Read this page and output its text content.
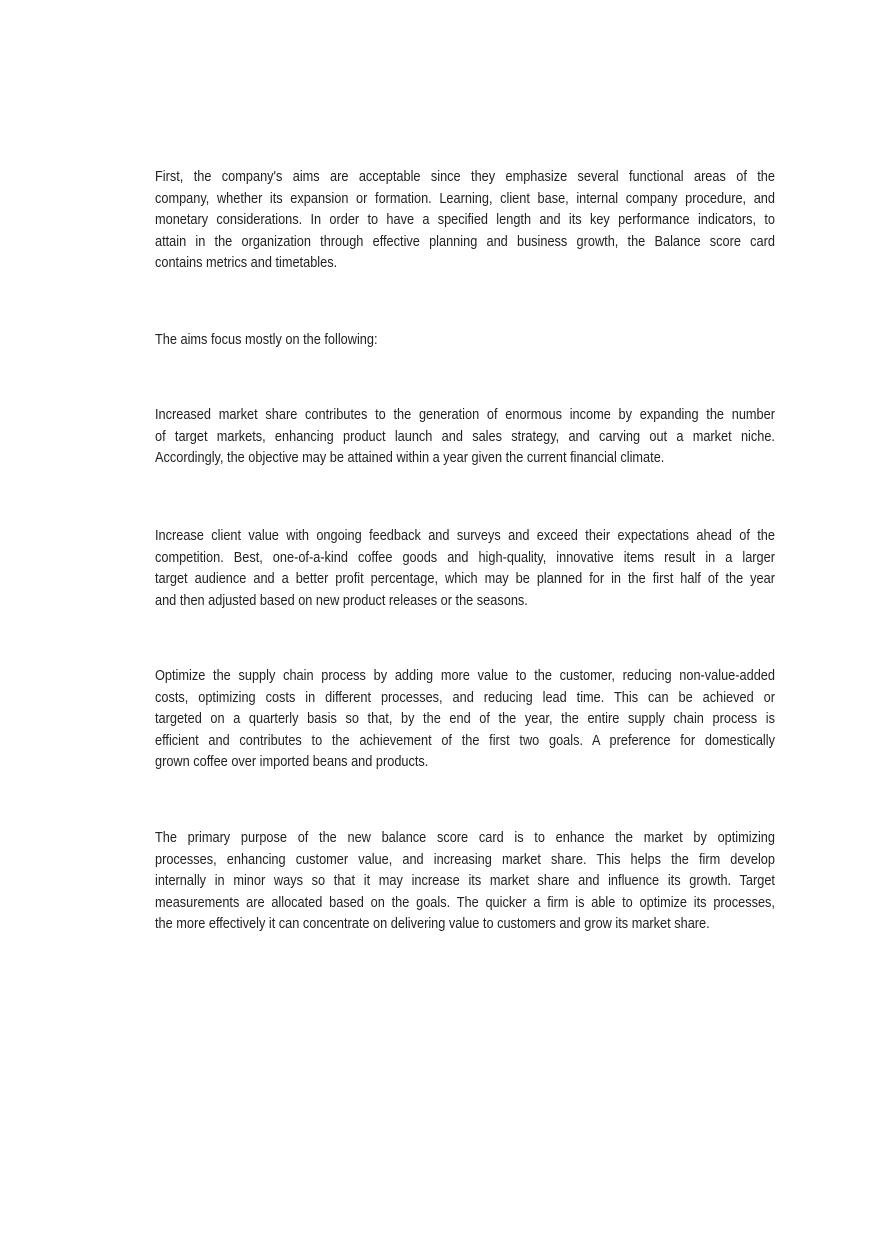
First, the company's aims are acceptable since they emphasize several functional areas of the
company, whether its expansion or formation. Learning, client base, internal company procedure, and
monetary considerations. In order to have a specified length and its key performance indicators, to
attain in the organization through effective planning and business growth, the Balance score card
contains metrics and timetables.
The aims focus mostly on the following:
Increased market share contributes to the generation of enormous income by expanding the number
of target markets, enhancing product launch and sales strategy, and carving out a market niche.
Accordingly, the objective may be attained within a year given the current financial climate.
Increase client value with ongoing feedback and surveys and exceed their expectations ahead of the
competition. Best, one-of-a-kind coffee goods and high-quality, innovative items result in a larger
target audience and a better profit percentage, which may be planned for in the first half of the year
and then adjusted based on new product releases or the seasons.
Optimize the supply chain process by adding more value to the customer, reducing non-value-added
costs, optimizing costs in different processes, and reducing lead time. This can be achieved or
targeted on a quarterly basis so that, by the end of the year, the entire supply chain process is
efficient and contributes to the achievement of the first two goals. A preference for domestically
grown coffee over imported beans and products.
The primary purpose of the new balance score card is to enhance the market by optimizing
processes, enhancing customer value, and increasing market share. This helps the firm develop
internally in minor ways so that it may increase its market share and influence its growth. Target
measurements are allocated based on the goals. The quicker a firm is able to optimize its processes,
the more effectively it can concentrate on delivering value to customers and grow its market share.
